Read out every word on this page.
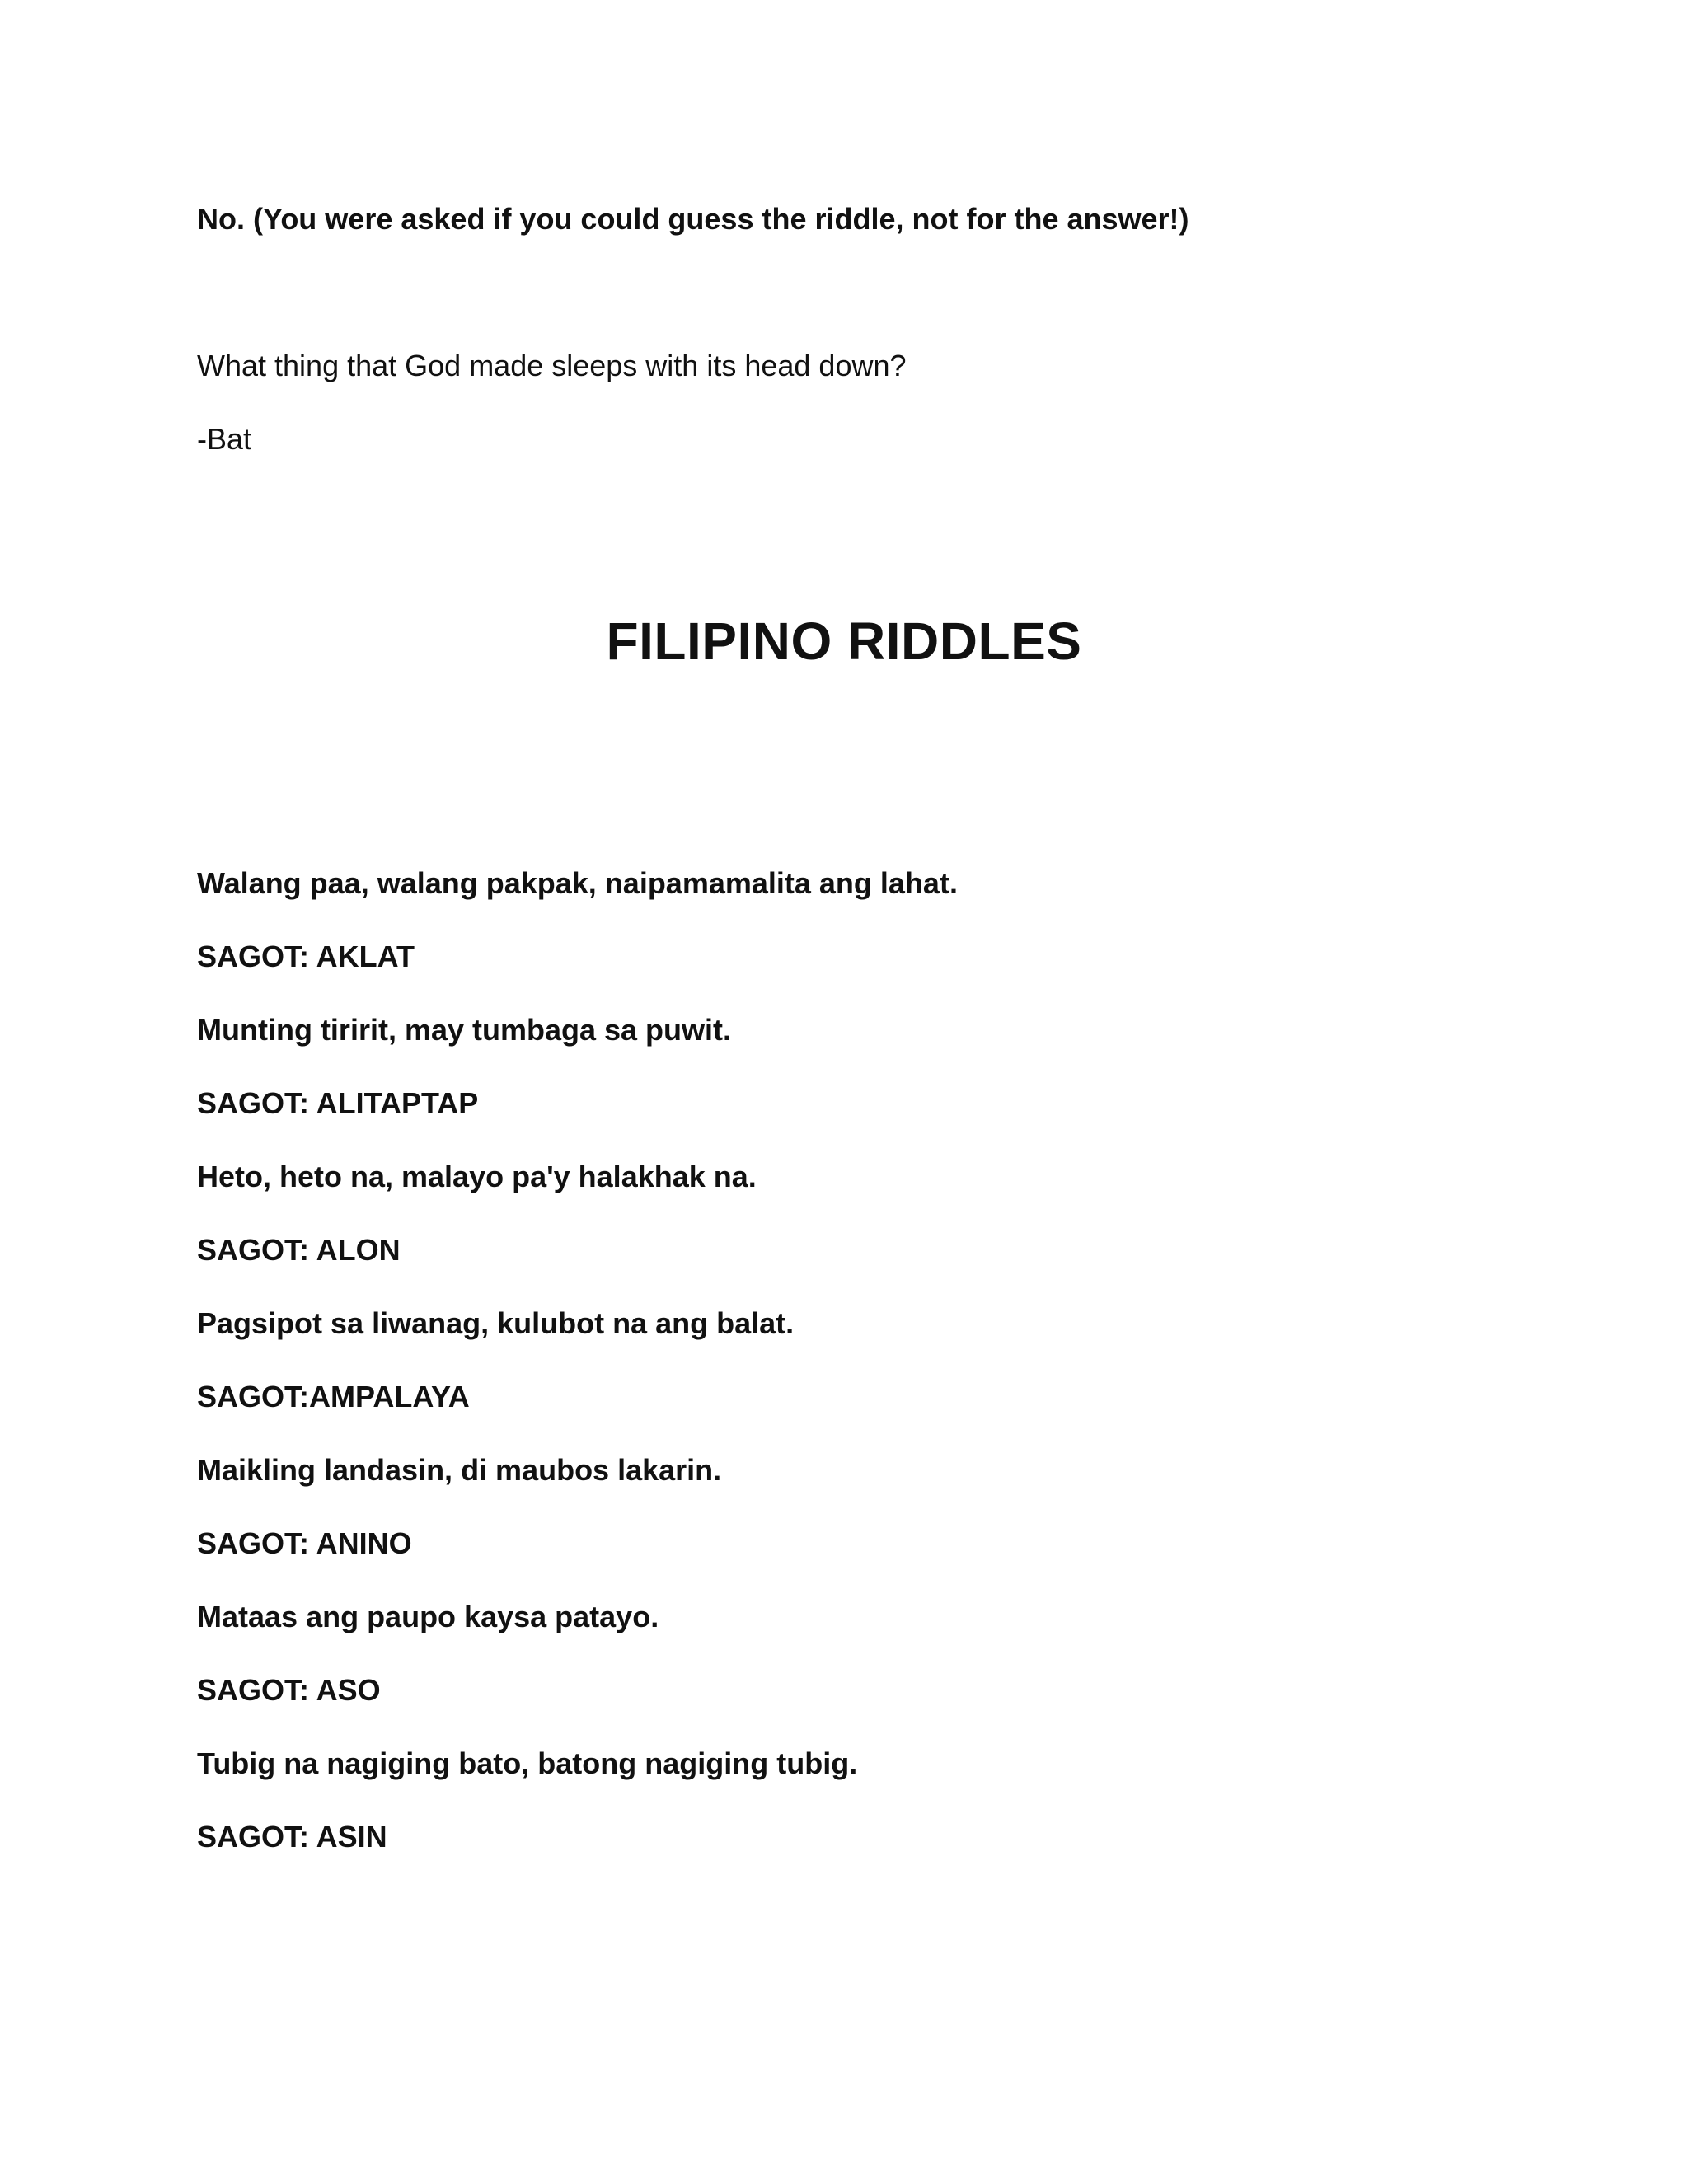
No. (You were asked if you could guess the riddle, not for the answer!)
What thing that God made sleeps with its head down?
-Bat
FILIPINO RIDDLES
Walang paa, walang pakpak, naipamamalita ang lahat.
SAGOT: AKLAT
Munting tiririt, may tumbaga sa puwit.
SAGOT: ALITAPTAP
Heto, heto na, malayo pa'y halakhak na.
SAGOT: ALON
Pagsipot sa liwanag, kulubot na ang balat.
SAGOT:AMPALAYA
Maikling landasin, di maubos lakarin.
SAGOT: ANINO
Mataas ang paupo kaysa patayo.
SAGOT: ASO
Tubig na nagiging bato, batong nagiging tubig.
SAGOT: ASIN
